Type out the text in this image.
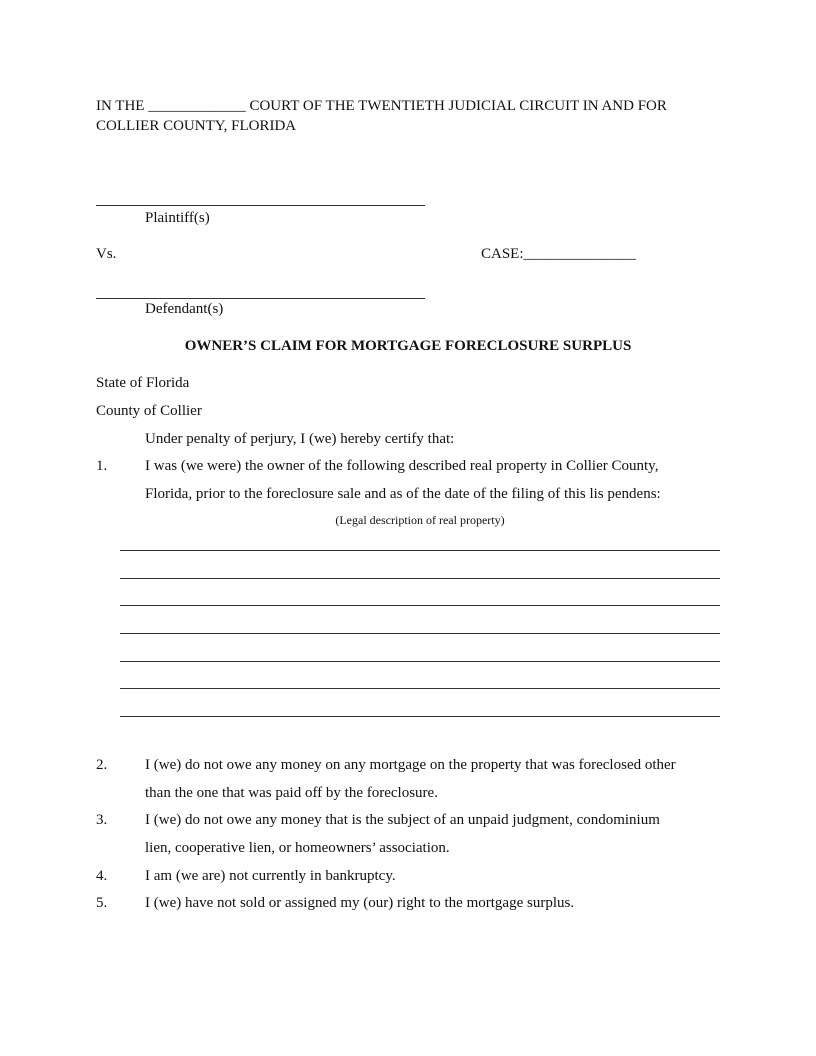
IN THE _____________ COURT OF THE TWENTIETH JUDICIAL CIRCUIT IN AND FOR
COLLIER COUNTY, FLORIDA
Plaintiff(s)
Vs.	CASE:_______________
Defendant(s)
OWNER’S CLAIM FOR MORTGAGE FORECLOSURE SURPLUS
State of Florida
County of Collier
Under penalty of perjury, I (we) hereby certify that:
1.	I was (we were) the owner of the following described real property in Collier County,
Florida, prior to the foreclosure sale and as of the date of the filing of this lis pendens:
(Legal description of real property)
2.	I (we) do not owe any money on any mortgage on the property that was foreclosed other
than the one that was paid off by the foreclosure.
3.	I (we) do not owe any money that is the subject of an unpaid judgment, condominium
lien, cooperative lien, or homeowners’ association.
4.	I am (we are) not currently in bankruptcy.
5.	I (we) have not sold or assigned my (our) right to the mortgage surplus.
